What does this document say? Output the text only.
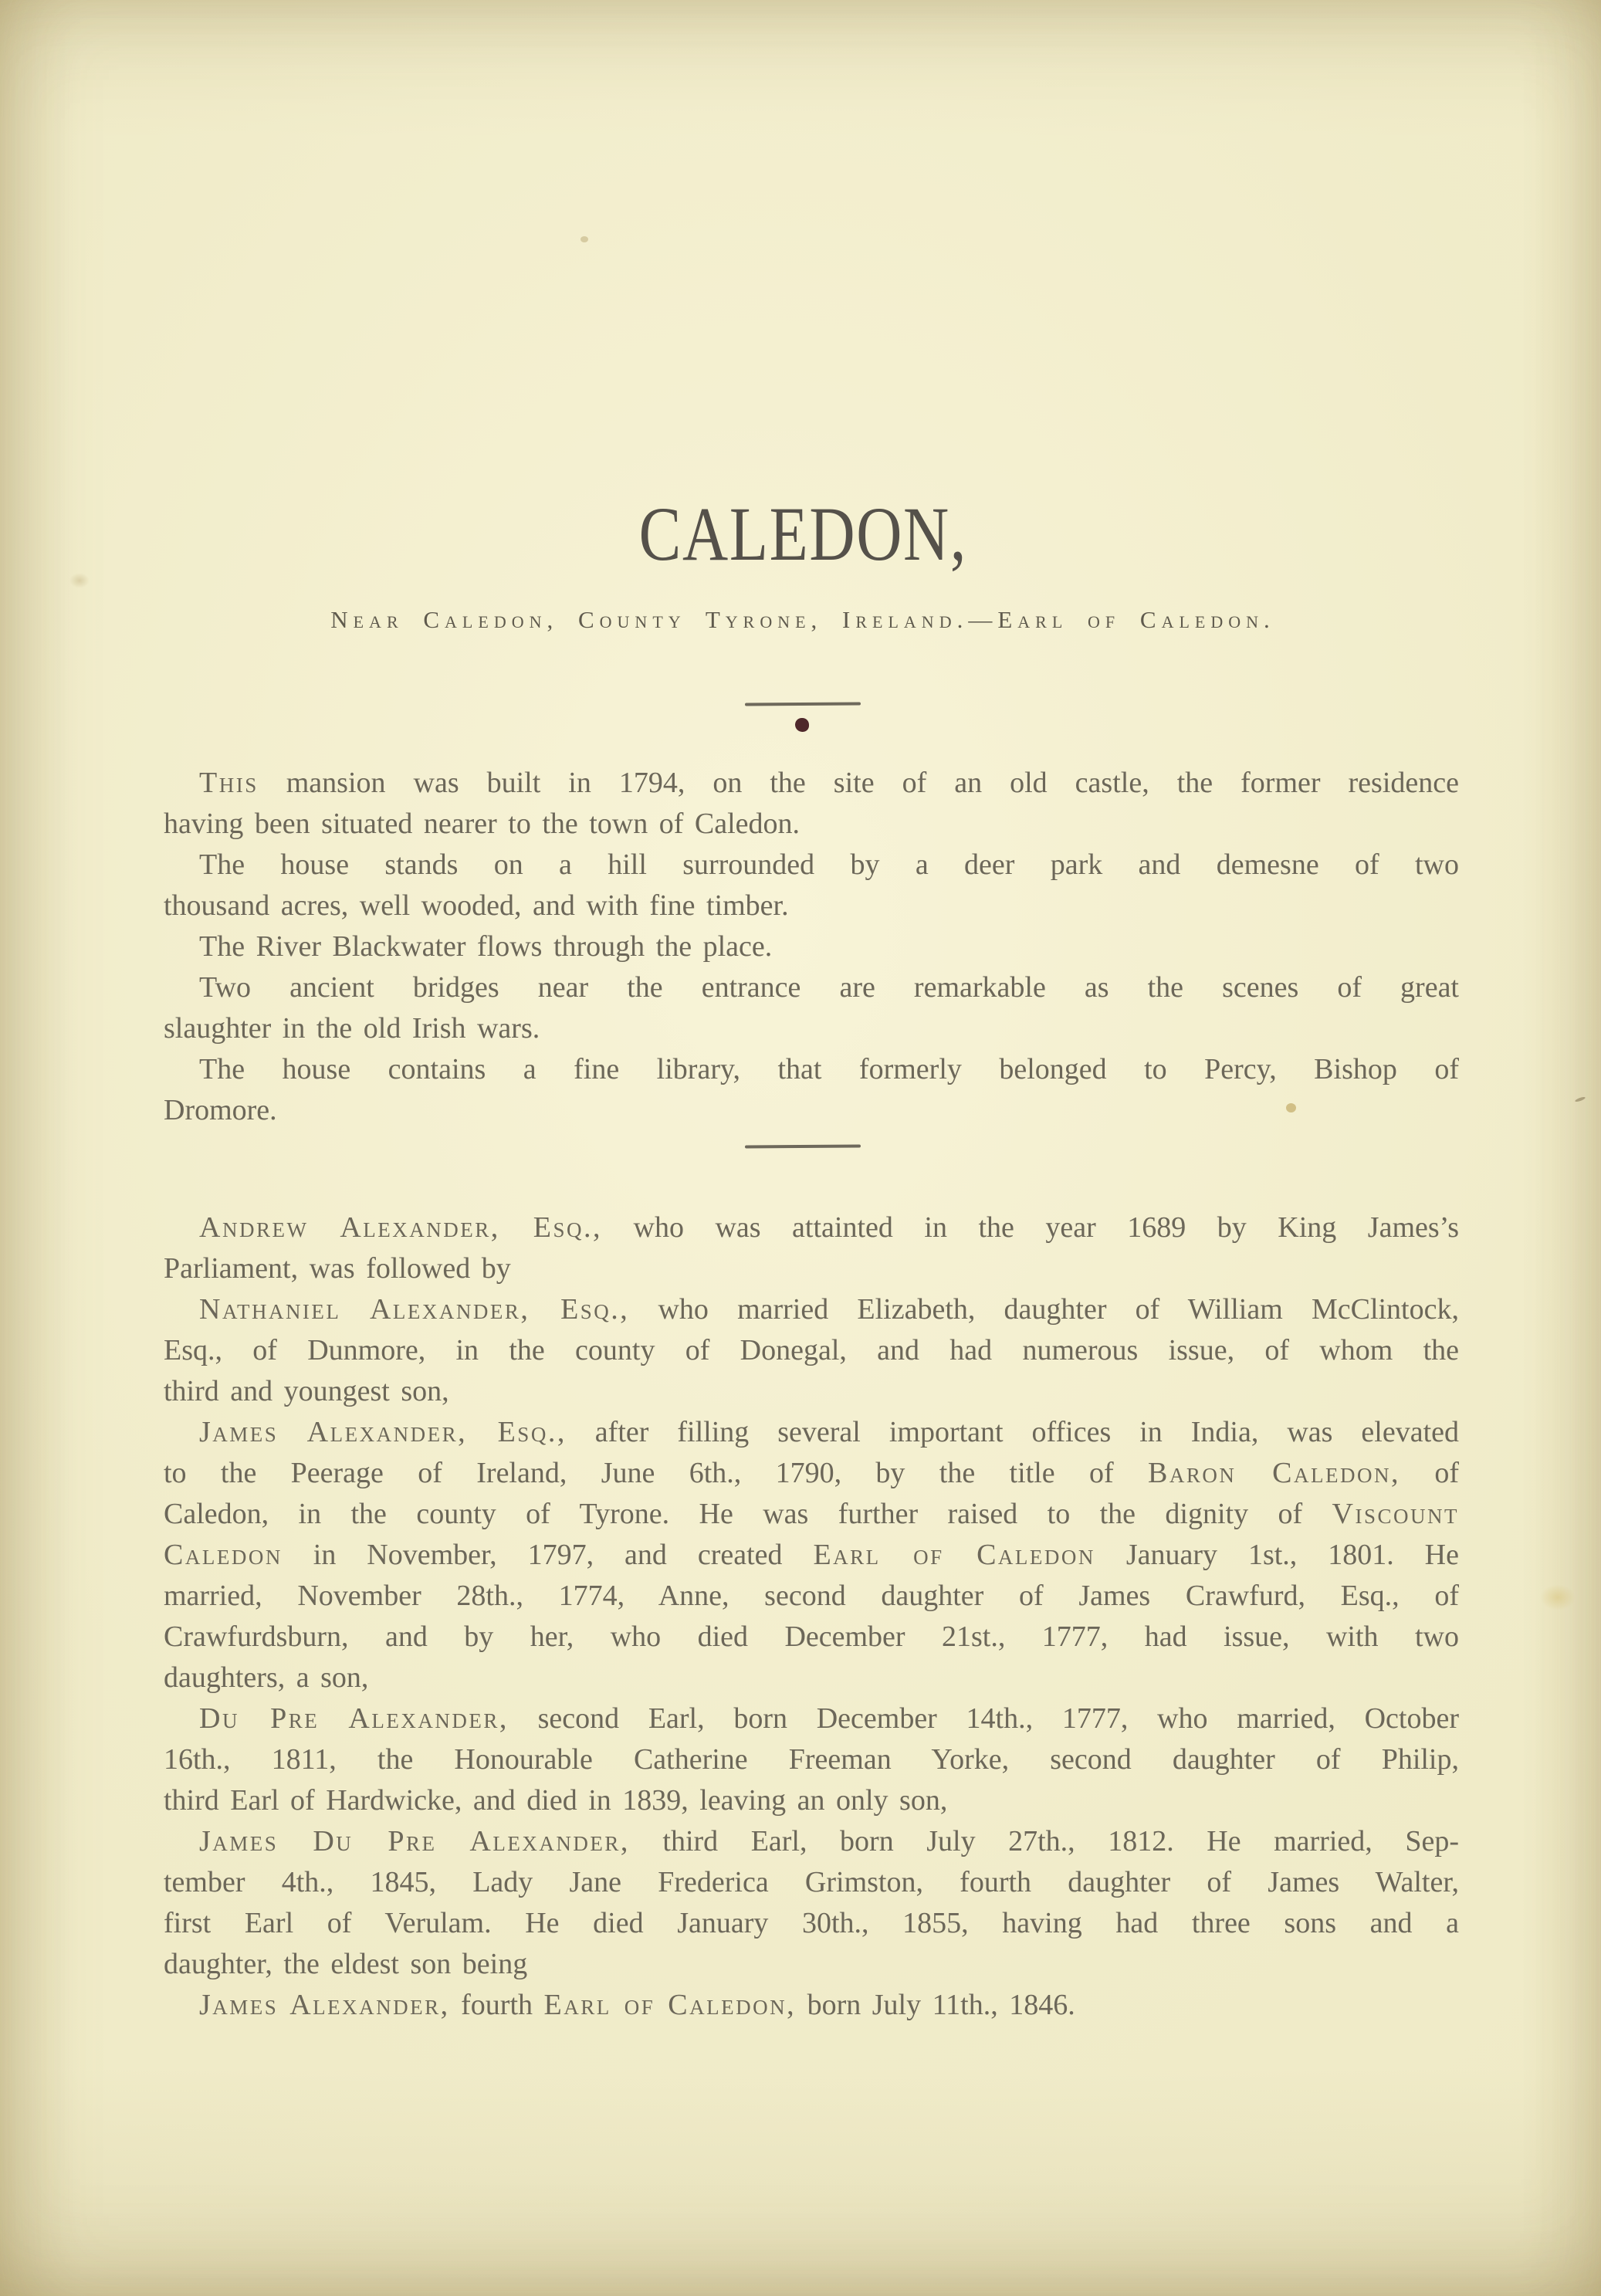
CALEDON,
Near Caledon, County Tyrone, Ireland.—Earl of Caledon.
This mansion was built in 1794, on the site of an old castle, the former residence
having been situated nearer to the town of Caledon.
The house stands on a hill surrounded by a deer park and demesne of two
thousand acres, well wooded, and with fine timber.
The River Blackwater flows through the place.
Two ancient bridges near the entrance are remarkable as the scenes of great
slaughter in the old Irish wars.
The house contains a fine library, that formerly belonged to Percy, Bishop of
Dromore.
Andrew Alexander, Esq., who was attainted in the year 1689 by King James’s
Parliament, was followed by
Nathaniel Alexander, Esq., who married Elizabeth, daughter of William McClintock,
Esq., of Dunmore, in the county of Donegal, and had numerous issue, of whom the
third and youngest son,
James Alexander, Esq., after filling several important offices in India, was elevated
to the Peerage of Ireland, June 6th., 1790, by the title of Baron Caledon, of
Caledon, in the county of Tyrone. He was further raised to the dignity of Viscount
Caledon in November, 1797, and created Earl of Caledon January 1st., 1801. He
married, November 28th., 1774, Anne, second daughter of James Crawfurd, Esq., of
Crawfurdsburn, and by her, who died December 21st., 1777, had issue, with two
daughters, a son,
Du Pre Alexander, second Earl, born December 14th., 1777, who married, October
16th., 1811, the Honourable Catherine Freeman Yorke, second daughter of Philip,
third Earl of Hardwicke, and died in 1839, leaving an only son,
James Du Pre Alexander, third Earl, born July 27th., 1812. He married, Sep-
tember 4th., 1845, Lady Jane Frederica Grimston, fourth daughter of James Walter,
first Earl of Verulam. He died January 30th., 1855, having had three sons and a
daughter, the eldest son being
James Alexander, fourth Earl of Caledon, born July 11th., 1846.
